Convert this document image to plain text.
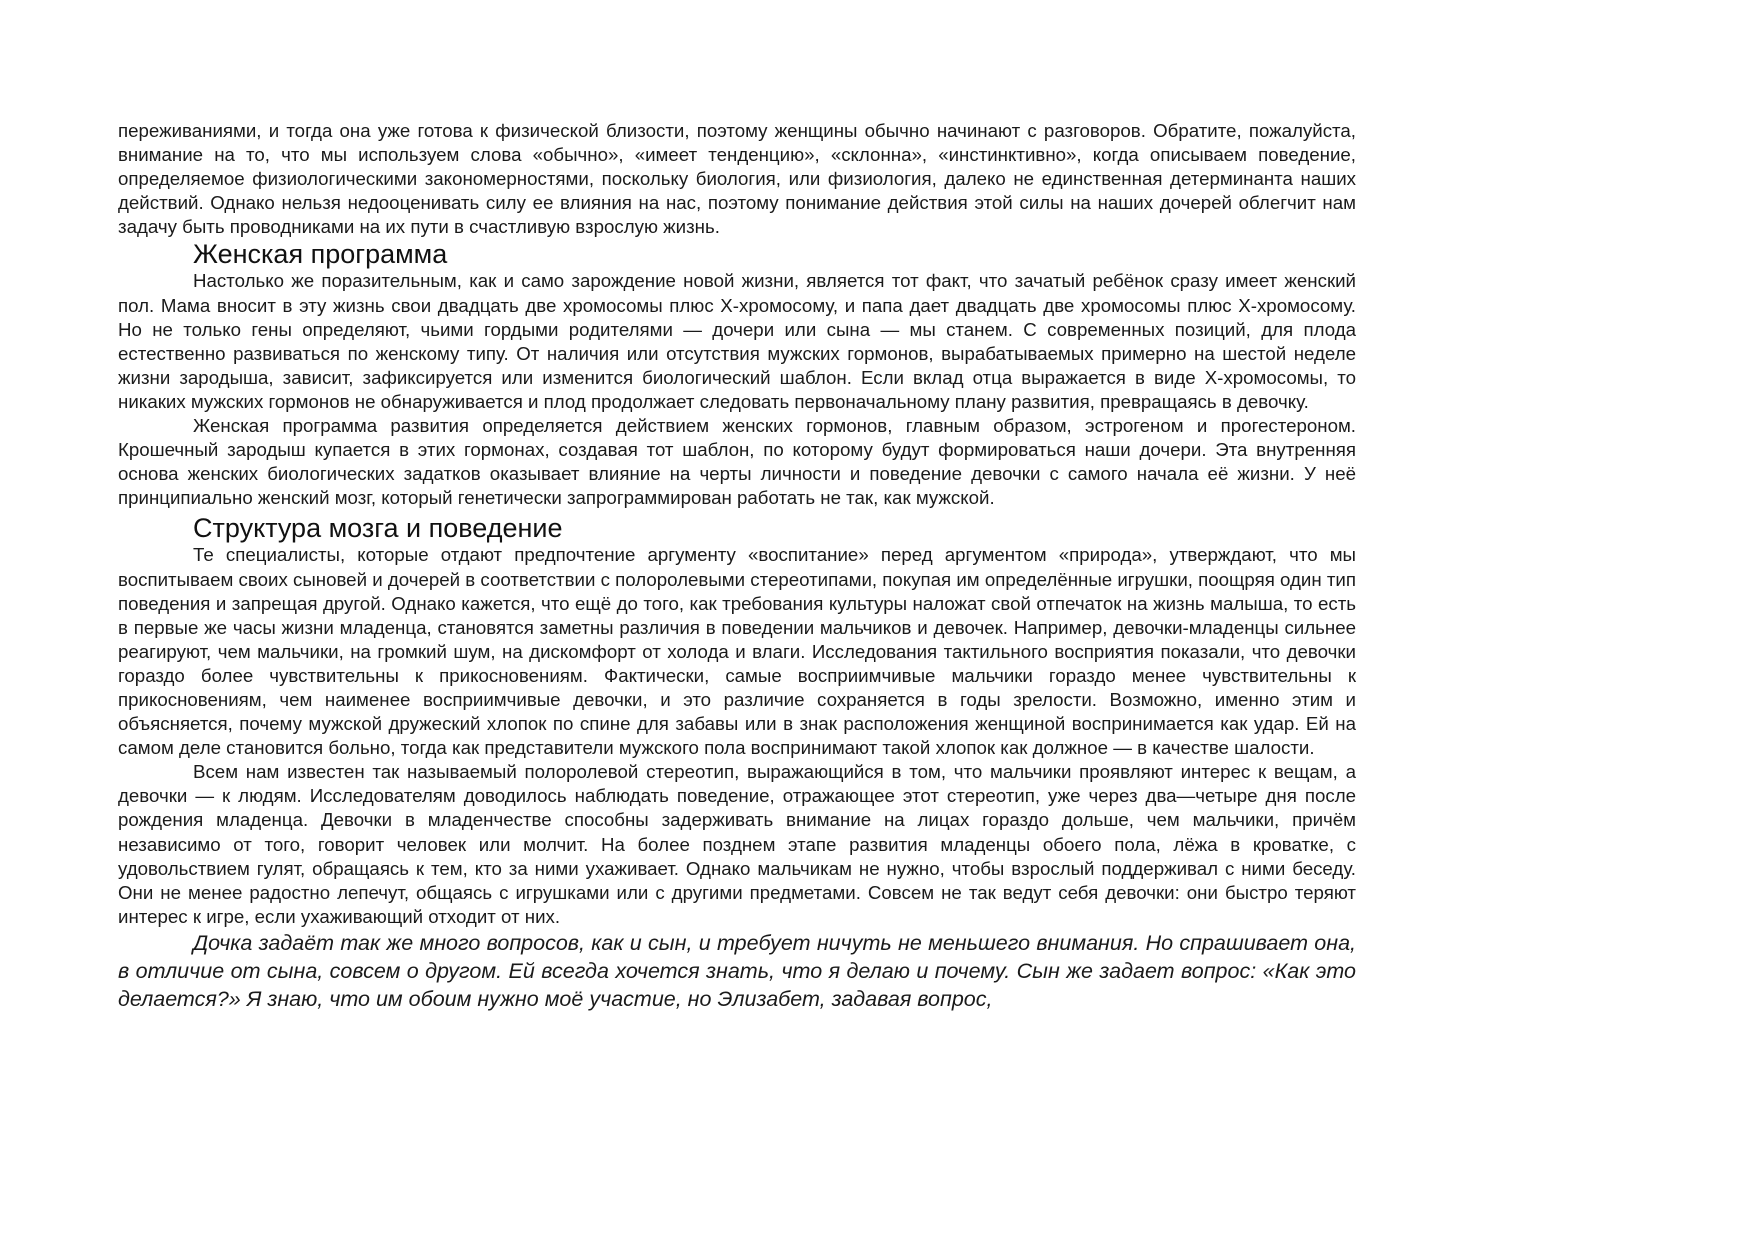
переживаниями, и тогда она уже готова к физической близости, поэтому женщины обычно начинают с разговоров. Обратите, пожалуйста, внимание на то, что мы используем слова «обычно», «имеет тенденцию», «склонна», «инстинктивно», когда описываем поведение, определяемое физиологическими закономерностями, поскольку биология, или физиология, далеко не единственная детерминанта наших действий. Однако нельзя недооценивать силу ее влияния на нас, поэтому понимание действия этой силы на наших дочерей облегчит нам задачу быть проводниками на их пути в счастливую взрослую жизнь.

Женская программа

Настолько же поразительным, как и само зарождение новой жизни, является тот факт, что зачатый ребёнок сразу имеет женский пол. Мама вносит в эту жизнь свои двадцать две хромосомы плюс Х-хромосому, и папа дает двадцать две хромосомы плюс Х-хромосому. Но не только гены определяют, чьими гордыми родителями — дочери или сына — мы станем. С современных позиций, для плода естественно развиваться по женскому типу. От наличия или отсутствия мужских гормонов, вырабатываемых примерно на шестой неделе жизни зародыша, зависит, зафиксируется или изменится биологический шаблон. Если вклад отца выражается в виде Х-хромосомы, то никаких мужских гормонов не обнаруживается и плод продолжает следовать первоначальному плану развития, превращаясь в девочку.

Женская программа развития определяется действием женских гормонов, главным образом, эстрогеном и прогестероном. Крошечный зародыш купается в этих гормонах, создавая тот шаблон, по которому будут формироваться наши дочери. Эта внутренняя основа женских биологических задатков оказывает влияние на черты личности и поведение девочки с самого начала её жизни. У неё принципиально женский мозг, который генетически запрограммирован работать не так, как мужской.

Структура мозга и поведение

Те специалисты, которые отдают предпочтение аргументу «воспитание» перед аргументом «природа», утверждают, что мы воспитываем своих сыновей и дочерей в соответствии с полоролевыми стереотипами, покупая им определённые игрушки, поощряя один тип поведения и запрещая другой. Однако кажется, что ещё до того, как требования культуры наложат свой отпечаток на жизнь малыша, то есть в первые же часы жизни младенца, становятся заметны различия в поведении мальчиков и девочек. Например, девочки-младенцы сильнее реагируют, чем мальчики, на громкий шум, на дискомфорт от холода и влаги. Исследования тактильного восприятия показали, что девочки гораздо более чувствительны к прикосновениям. Фактически, самые восприимчивые мальчики гораздо менее чувствительны к прикосновениям, чем наименее восприимчивые девочки, и это различие сохраняется в годы зрелости. Возможно, именно этим и объясняется, почему мужской дружеский хлопок по спине для забавы или в знак расположения женщиной воспринимается как удар. Ей на самом деле становится больно, тогда как представители мужского пола воспринимают такой хлопок как должное — в качестве шалости.

Всем нам известен так называемый полоролевой стереотип, выражающийся в том, что мальчики проявляют интерес к вещам, а девочки — к людям. Исследователям доводилось наблюдать поведение, отражающее этот стереотип, уже через два—четыре дня после рождения младенца. Девочки в младенчестве способны задерживать внимание на лицах гораздо дольше, чем мальчики, причём независимо от того, говорит человек или молчит. На более позднем этапе развития младенцы обоего пола, лёжа в кроватке, с удовольствием гулят, обращаясь к тем, кто за ними ухаживает. Однако мальчикам не нужно, чтобы взрослый поддерживал с ними беседу. Они не менее радостно лепечут, общаясь с игрушками или с другими предметами. Совсем не так ведут себя девочки: они быстро теряют интерес к игре, если ухаживающий отходит от них.

Дочка задаёт так же много вопросов, как и сын, и требует ничуть не меньшего внимания. Но спрашивает она, в отличие от сына, совсем о другом. Ей всегда хочется знать, что я делаю и почему. Сын же задает вопрос: «Как это делается?» Я знаю, что им обоим нужно моё участие, но Элизабет, задавая вопрос,
